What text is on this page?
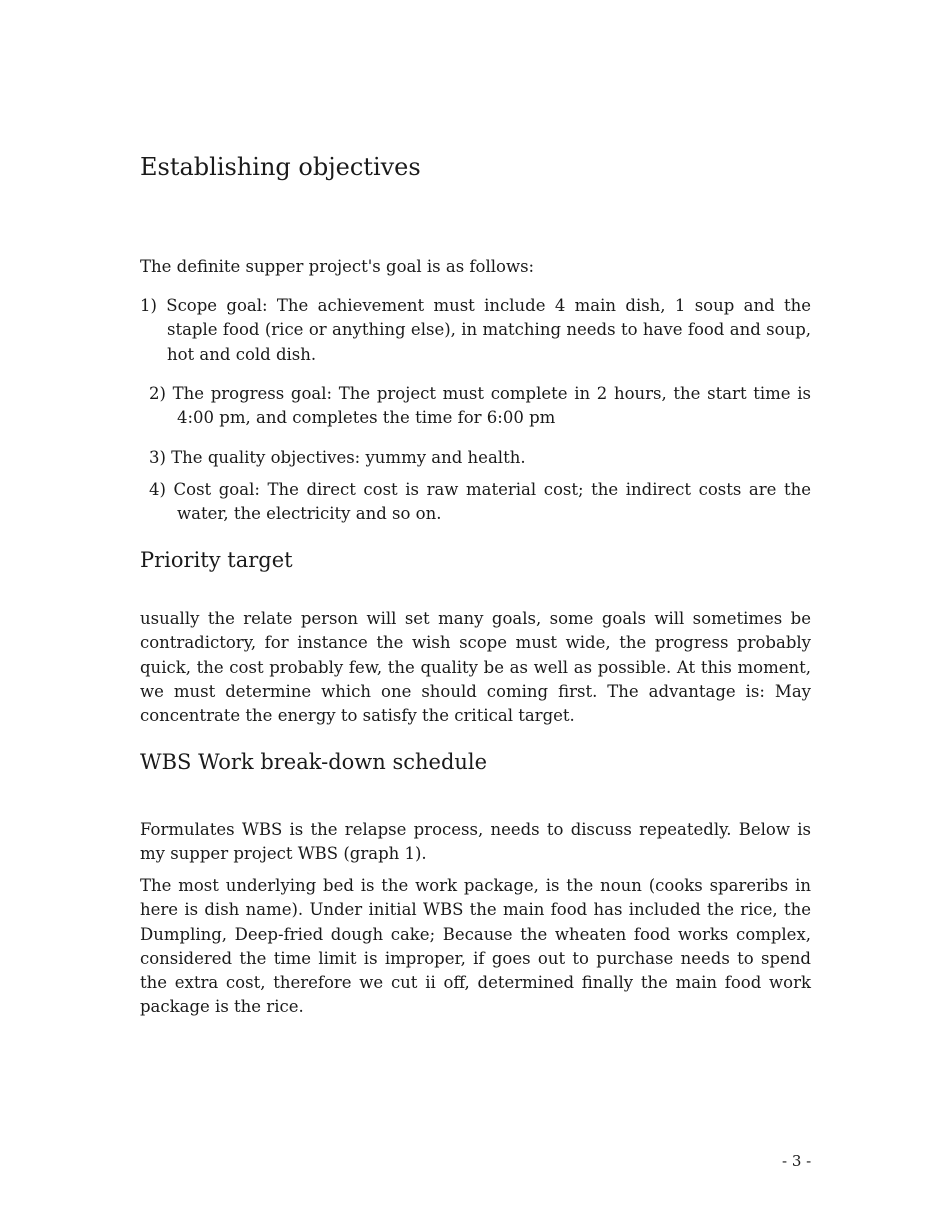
Establishing objectives

The definite supper project's goal is as follows:

1) Scope goal: The achievement must include 4 main dish, 1 soup and the staple food (rice or anything else), in matching needs to have food and soup, hot and cold dish.

2) The progress goal: The project must complete in 2 hours, the start time is 4:00 pm, and completes the time for 6:00 pm

3) The quality objectives: yummy and health.

4) Cost goal: The direct cost is raw material cost; the indirect costs are the water, the electricity and so on.

Priority target

usually the relate person will set many goals, some goals will sometimes be contradictory, for instance the wish scope must wide, the progress probably quick, the cost probably few, the quality be as well as possible. At this moment, we must determine which one should coming first. The advantage is: May concentrate the energy to satisfy the critical target.

WBS Work break-down schedule

Formulates WBS is the relapse process, needs to discuss repeatedly. Below is my supper project WBS (graph 1).

The most underlying bed is the work package, is the noun (cooks spareribs in here is dish name). Under initial WBS the main food has included the rice, the Dumpling, Deep-fried dough cake; Because the wheaten food works complex, considered the time limit is improper, if goes out to purchase needs to spend the extra cost, therefore we cut ii off, determined finally the main food work package is the rice.

- 3 -
